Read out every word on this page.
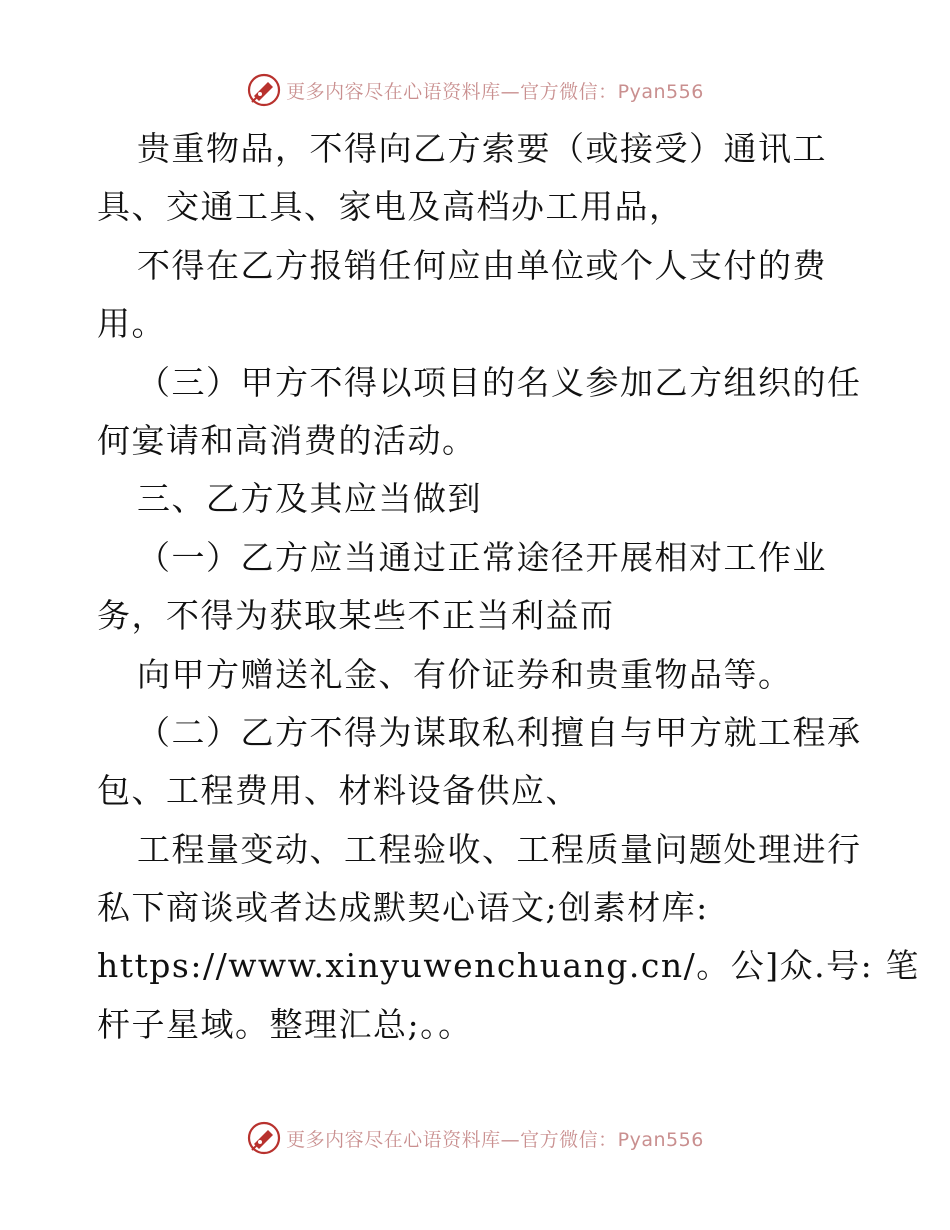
更多内容尽在心语资料库—官方微信：Pyan556
贵重物品，不得向乙方索要（或接受）通讯工
具、交通工具、家电及高档办工用品，
不得在乙方报销任何应由单位或个人支付的费
用。
（三）甲方不得以项目的名义参加乙方组织的任
何宴请和高消费的活动。
三、乙方及其应当做到
（一）乙方应当通过正常途径开展相对工作业
务，不得为获取某些不正当利益而
向甲方赠送礼金、有价证券和贵重物品等。
（二）乙方不得为谋取私利擅自与甲方就工程承
包、工程费用、材料设备供应、
工程量变动、工程验收、工程质量问题处理进行
私下商谈或者达成默契心语文;创素材库:
https://www.xinyuwenchuang.cn/。公]众.号: 笔
杆子星域。整理汇总;。。
更多内容尽在心语资料库—官方微信：Pyan556
